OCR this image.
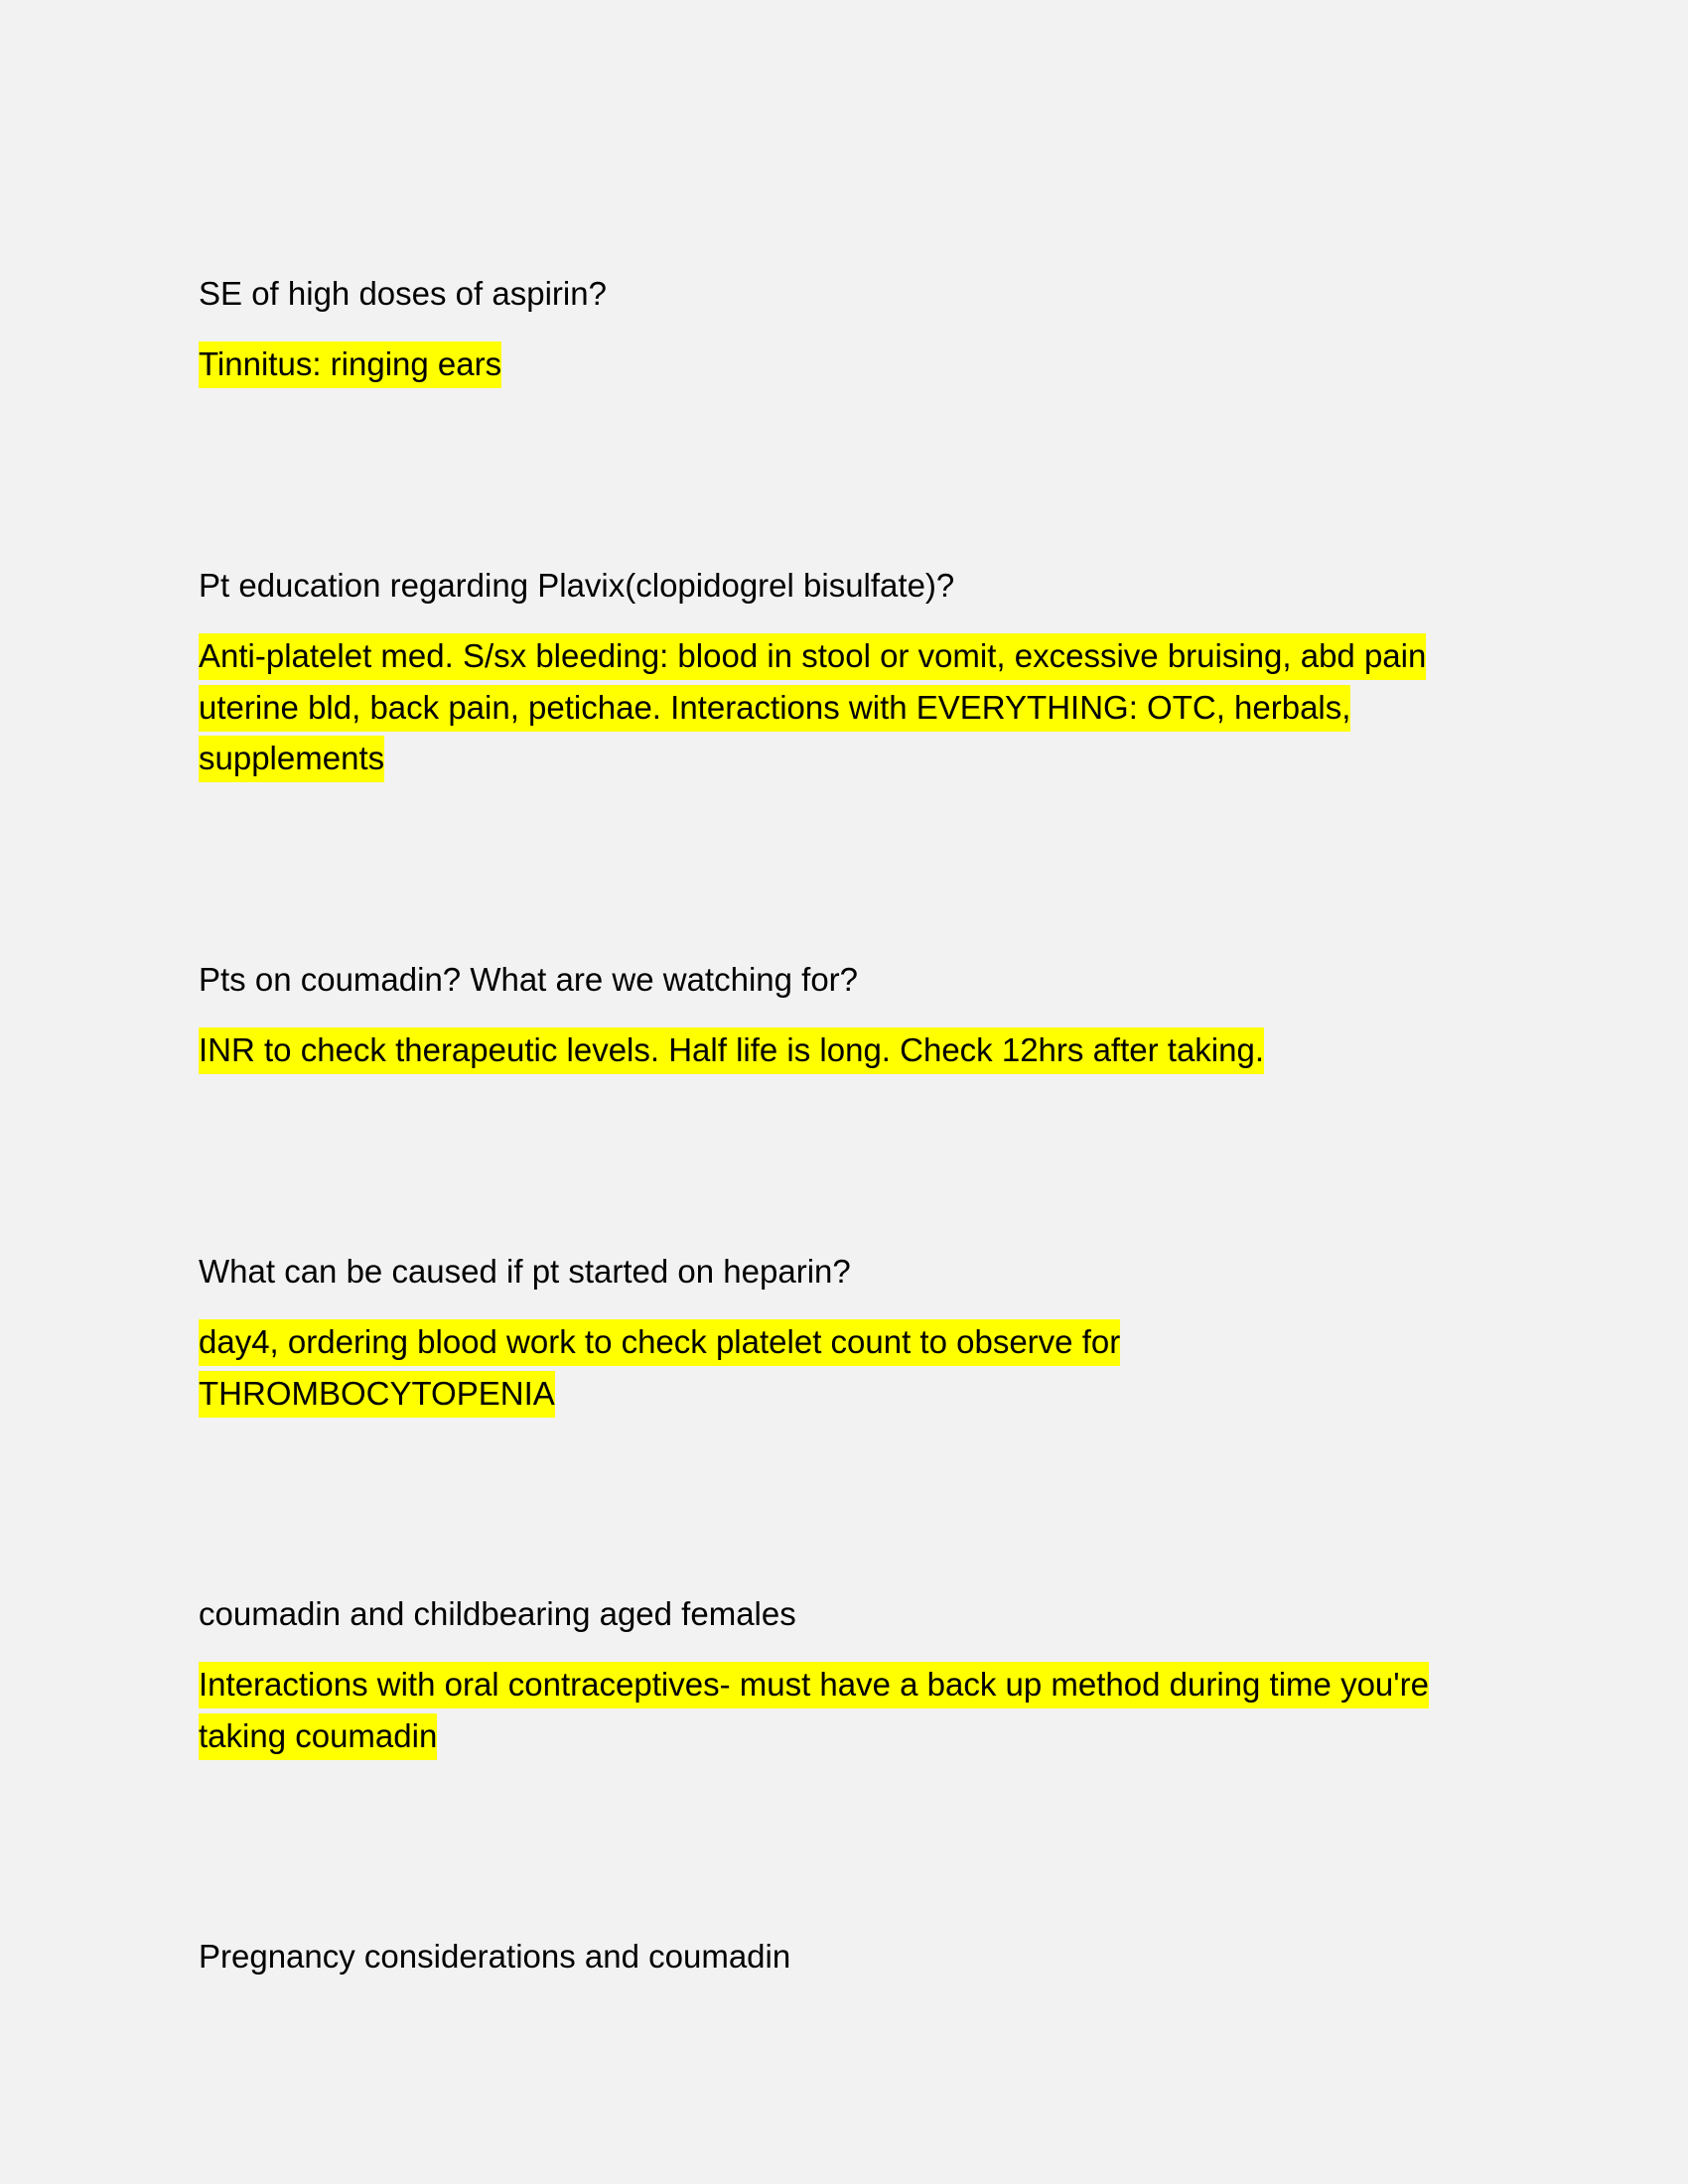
SE of high doses of aspirin?

Tinnitus: ringing ears

Pt education regarding Plavix(clopidogrel bisulfate)?

Anti-platelet med. S/sx bleeding: blood in stool or vomit, excessive bruising, abd pain uterine bld, back pain, petichae. Interactions with EVERYTHING: OTC, herbals, supplements

Pts on coumadin? What are we watching for?

INR to check therapeutic levels. Half life is long. Check 12hrs after taking.

What can be caused if pt started on heparin?

day4, ordering blood work to check platelet count to observe for THROMBOCYTOPENIA

coumadin and childbearing aged females

Interactions with oral contraceptives- must have a back up method during time you're taking coumadin

Pregnancy considerations and coumadin
